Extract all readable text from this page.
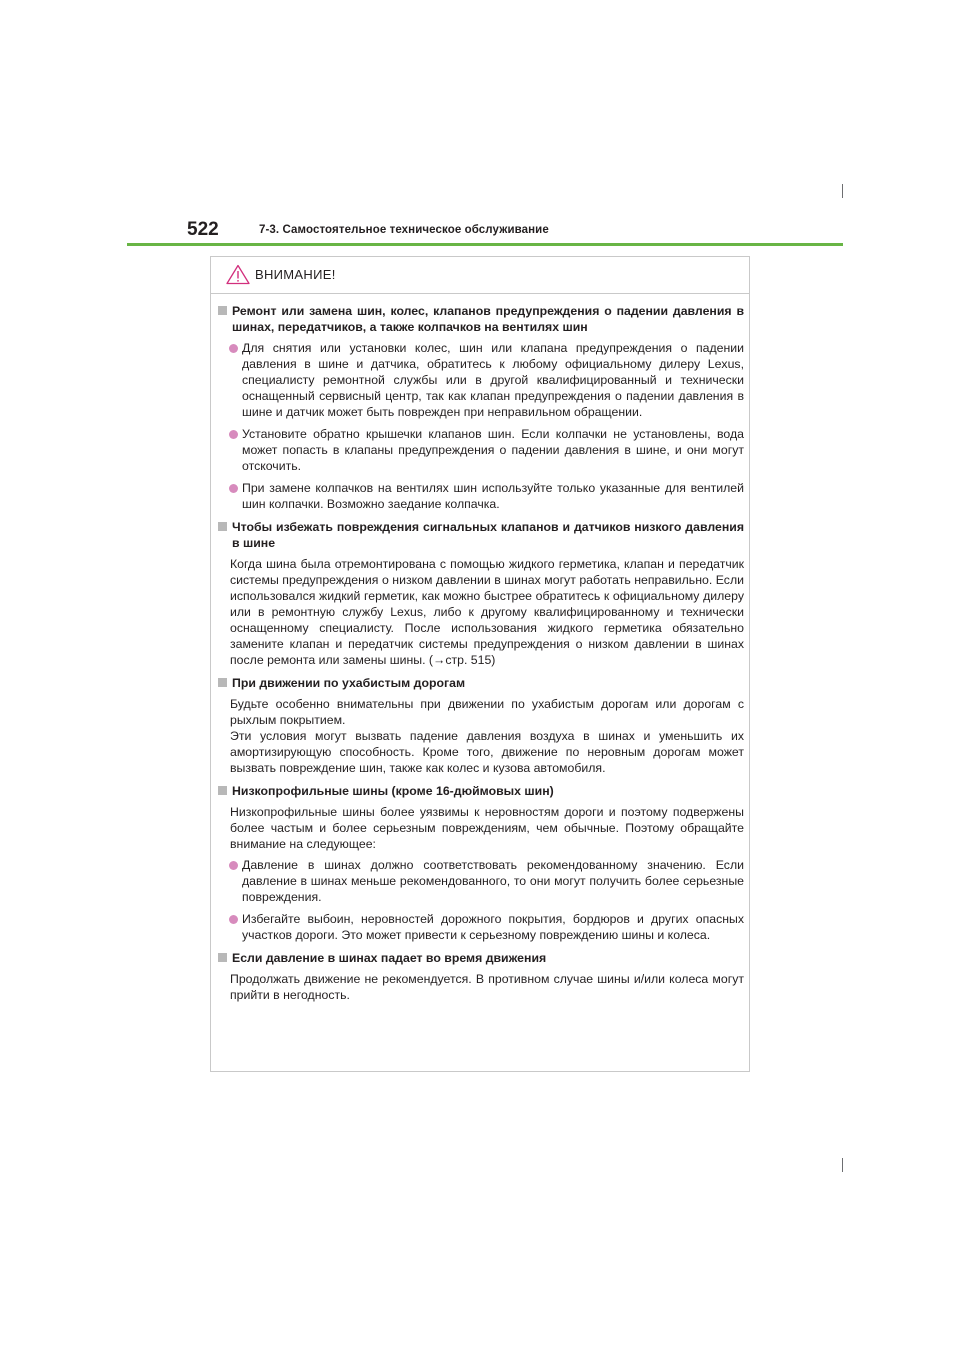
522	7-3. Самостоятельное техническое обслуживание
ВНИМАНИЕ!
Ремонт или замена шин, колес, клапанов предупреждения о падении давления в шинах, передатчиков, а также колпачков на вентилях шин
Для снятия или установки колес, шин или клапана предупреждения о падении давления в шине и датчика, обратитесь к любому официальному дилеру Lexus, специалисту ремонтной службы или в другой квалифицированный и технически оснащенный сервисный центр, так как клапан предупреждения о падении давления в шине и датчик может быть поврежден при неправильном обращении.
Установите обратно крышечки клапанов шин. Если колпачки не установлены, вода может попасть в клапаны предупреждения о падении давления в шине, и они могут отскочить.
При замене колпачков на вентилях шин используйте только указанные для вентилей шин колпачки. Возможно заедание колпачка.
Чтобы избежать повреждения сигнальных клапанов и датчиков низкого давления в шине
Когда шина была отремонтирована с помощью жидкого герметика, клапан и передатчик системы предупреждения о низком давлении в шинах могут работать неправильно. Если использовался жидкий герметик, как можно быстрее обратитесь к официальному дилеру или в ремонтную службу Lexus, либо к другому квалифицированному и технически оснащенному специалисту. После использования жидкого герметика обязательно замените клапан и передатчик системы предупреждения о низком давлении в шинах после ремонта или замены шины. (→стр. 515)
При движении по ухабистым дорогам
Будьте особенно внимательны при движении по ухабистым дорогам или дорогам с рыхлым покрытием.
Эти условия могут вызвать падение давления воздуха в шинах и уменьшить их амортизирующую способность. Кроме того, движение по неровным дорогам может вызвать повреждение шин, также как колес и кузова автомобиля.
Низкопрофильные шины (кроме 16-дюймовых шин)
Низкопрофильные шины более уязвимы к неровностям дороги и поэтому подвержены более частым и более серьезным повреждениям, чем обычные. Поэтому обращайте внимание на следующее:
Давление в шинах должно соответствовать рекомендованному значению. Если давление в шинах меньше рекомендованного, то они могут получить более серьезные повреждения.
Избегайте выбоин, неровностей дорожного покрытия, бордюров и других опасных участков дороги. Это может привести к серьезному повреждению шины и колеса.
Если давление в шинах падает во время движения
Продолжать движение не рекомендуется. В противном случае шины и/или колеса могут прийти в негодность.
